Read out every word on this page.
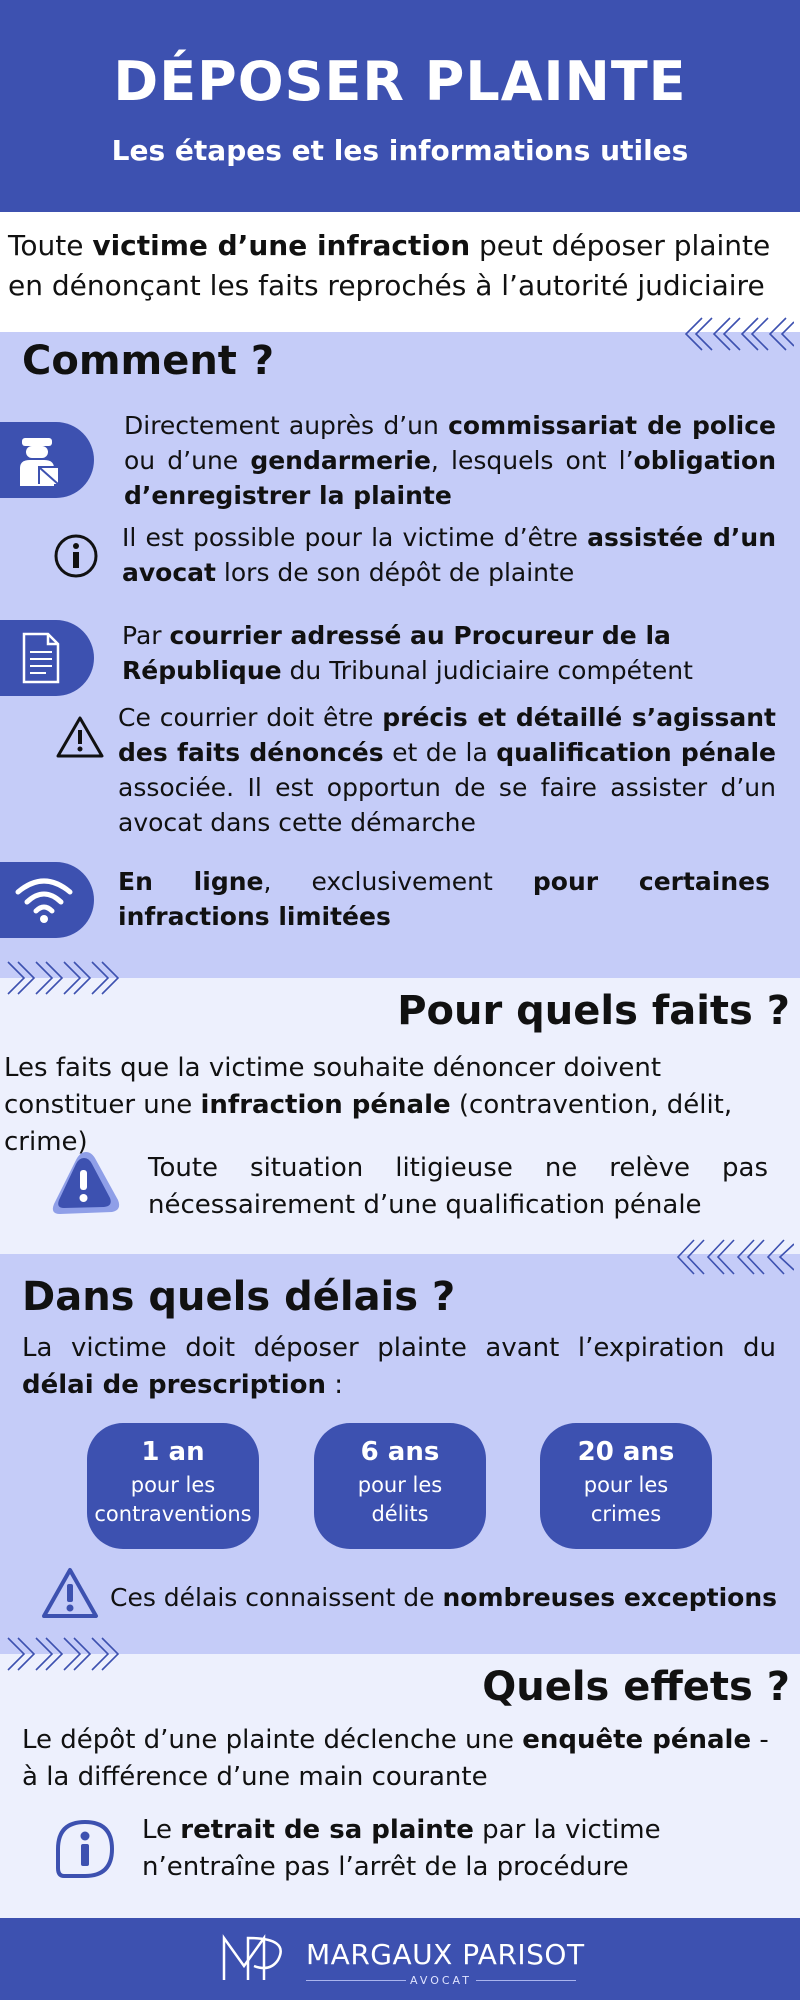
DÉPOSER PLAINTE
Les étapes et les informations utiles
Toute victime d’une infraction peut déposer plainte en dénonçant les faits reprochés à l’autorité judiciaire
Comment ?
Directement auprès d’un commissariat de police ou d’une gendarmerie, lesquels ont l’obligation d’enregistrer la plainte
Il est possible pour la victime d’être assistée d’un avocat lors de son dépôt de plainte
Par courrier adressé au Procureur de la République du Tribunal judiciaire compétent
Ce courrier doit être précis et détaillé s’agissant des faits dénoncés et de la qualification pénale associée. Il est opportun de se faire assister d’un avocat dans cette démarche
En ligne, exclusivement pour certaines infractions limitées
Pour quels faits ?
Les faits que la victime souhaite dénoncer doivent constituer une infraction pénale (contravention, délit, crime)
Toute situation litigieuse ne relève pas nécessairement d’une qualification pénale
Dans quels délais ?
La victime doit déposer plainte avant l’expiration du délai de prescription :
1 an
pour les
contraventions
6 ans
pour les
délits
20 ans
pour les
crimes
Ces délais connaissent de nombreuses exceptions
Quels effets ?
Le dépôt d’une plainte déclenche une enquête pénale - à la différence d’une main courante
Le retrait de sa plainte par la victime n’entraîne pas l’arrêt de la procédure
MARGAUX PARISOT
AVOCAT
